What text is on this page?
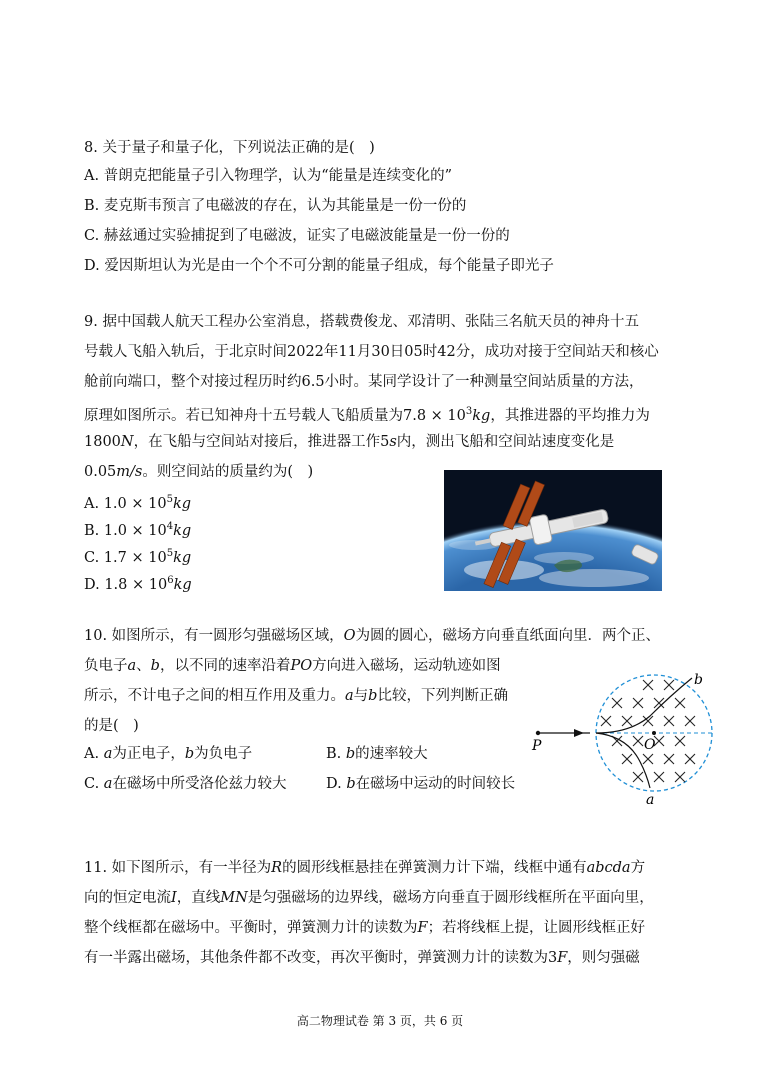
8. 关于量子和量子化，下列说法正确的是(　)
A. 普朗克把能量子引入物理学，认为“能量是连续变化的”
B. 麦克斯韦预言了电磁波的存在，认为其能量是一份一份的
C. 赫兹通过实验捕捉到了电磁波，证实了电磁波能量是一份一份的
D. 爱因斯坦认为光是由一个个不可分割的能量子组成，每个能量子即光子
9. 据中国载人航天工程办公室消息，搭载费俊龙、邓清明、张陆三名航天员的神舟十五
号载人飞船入轨后，于北京时间2022年11月30日05时42分，成功对接于空间站天和核心
舱前向端口，整个对接过程历时约6.5小时。某同学设计了一种测量空间站质量的方法，
原理如图所示。若已知神舟十五号载人飞船质量为$7.8 \times 10^3kg$，其推进器的平均推力为
1800N，在飞船与空间站对接后，推进器工作5s内，测出飞船和空间站速度变化是
0.05m/s。则空间站的质量约为(　)
A. $1.0 \times 10^5kg$
B. $1.0 \times 10^4kg$
C. $1.7 \times 10^5kg$
D. $1.8 \times 10^6kg$
10. 如图所示，有一圆形匀强磁场区域，O为圆的圆心，磁场方向垂直纸面向里．两个正、
负电子a、b，以不同的速率沿着PO方向进入磁场，运动轨迹如图
所示，不计电子之间的相互作用及重力。a与b比较，下列判断正确
的是(　)
A. a为正电子，b为负电子	B. b的速率较大
C. a在磁场中所受洛伦兹力较大	D. b在磁场中运动的时间较长
P	O
a
b
11. 如下图所示，有一半径为R的圆形线框悬挂在弹簧测力计下端，线框中通有abcda方
向的恒定电流I，直线MN是匀强磁场的边界线，磁场方向垂直于圆形线框所在平面向里，
整个线框都在磁场中。平衡时，弹簧测力计的读数为F；若将线框上提，让圆形线框正好
有一半露出磁场，其他条件都不改变，再次平衡时，弹簧测力计的读数为3F，则匀强磁
高二物理试卷 第 3 页，共 6 页
